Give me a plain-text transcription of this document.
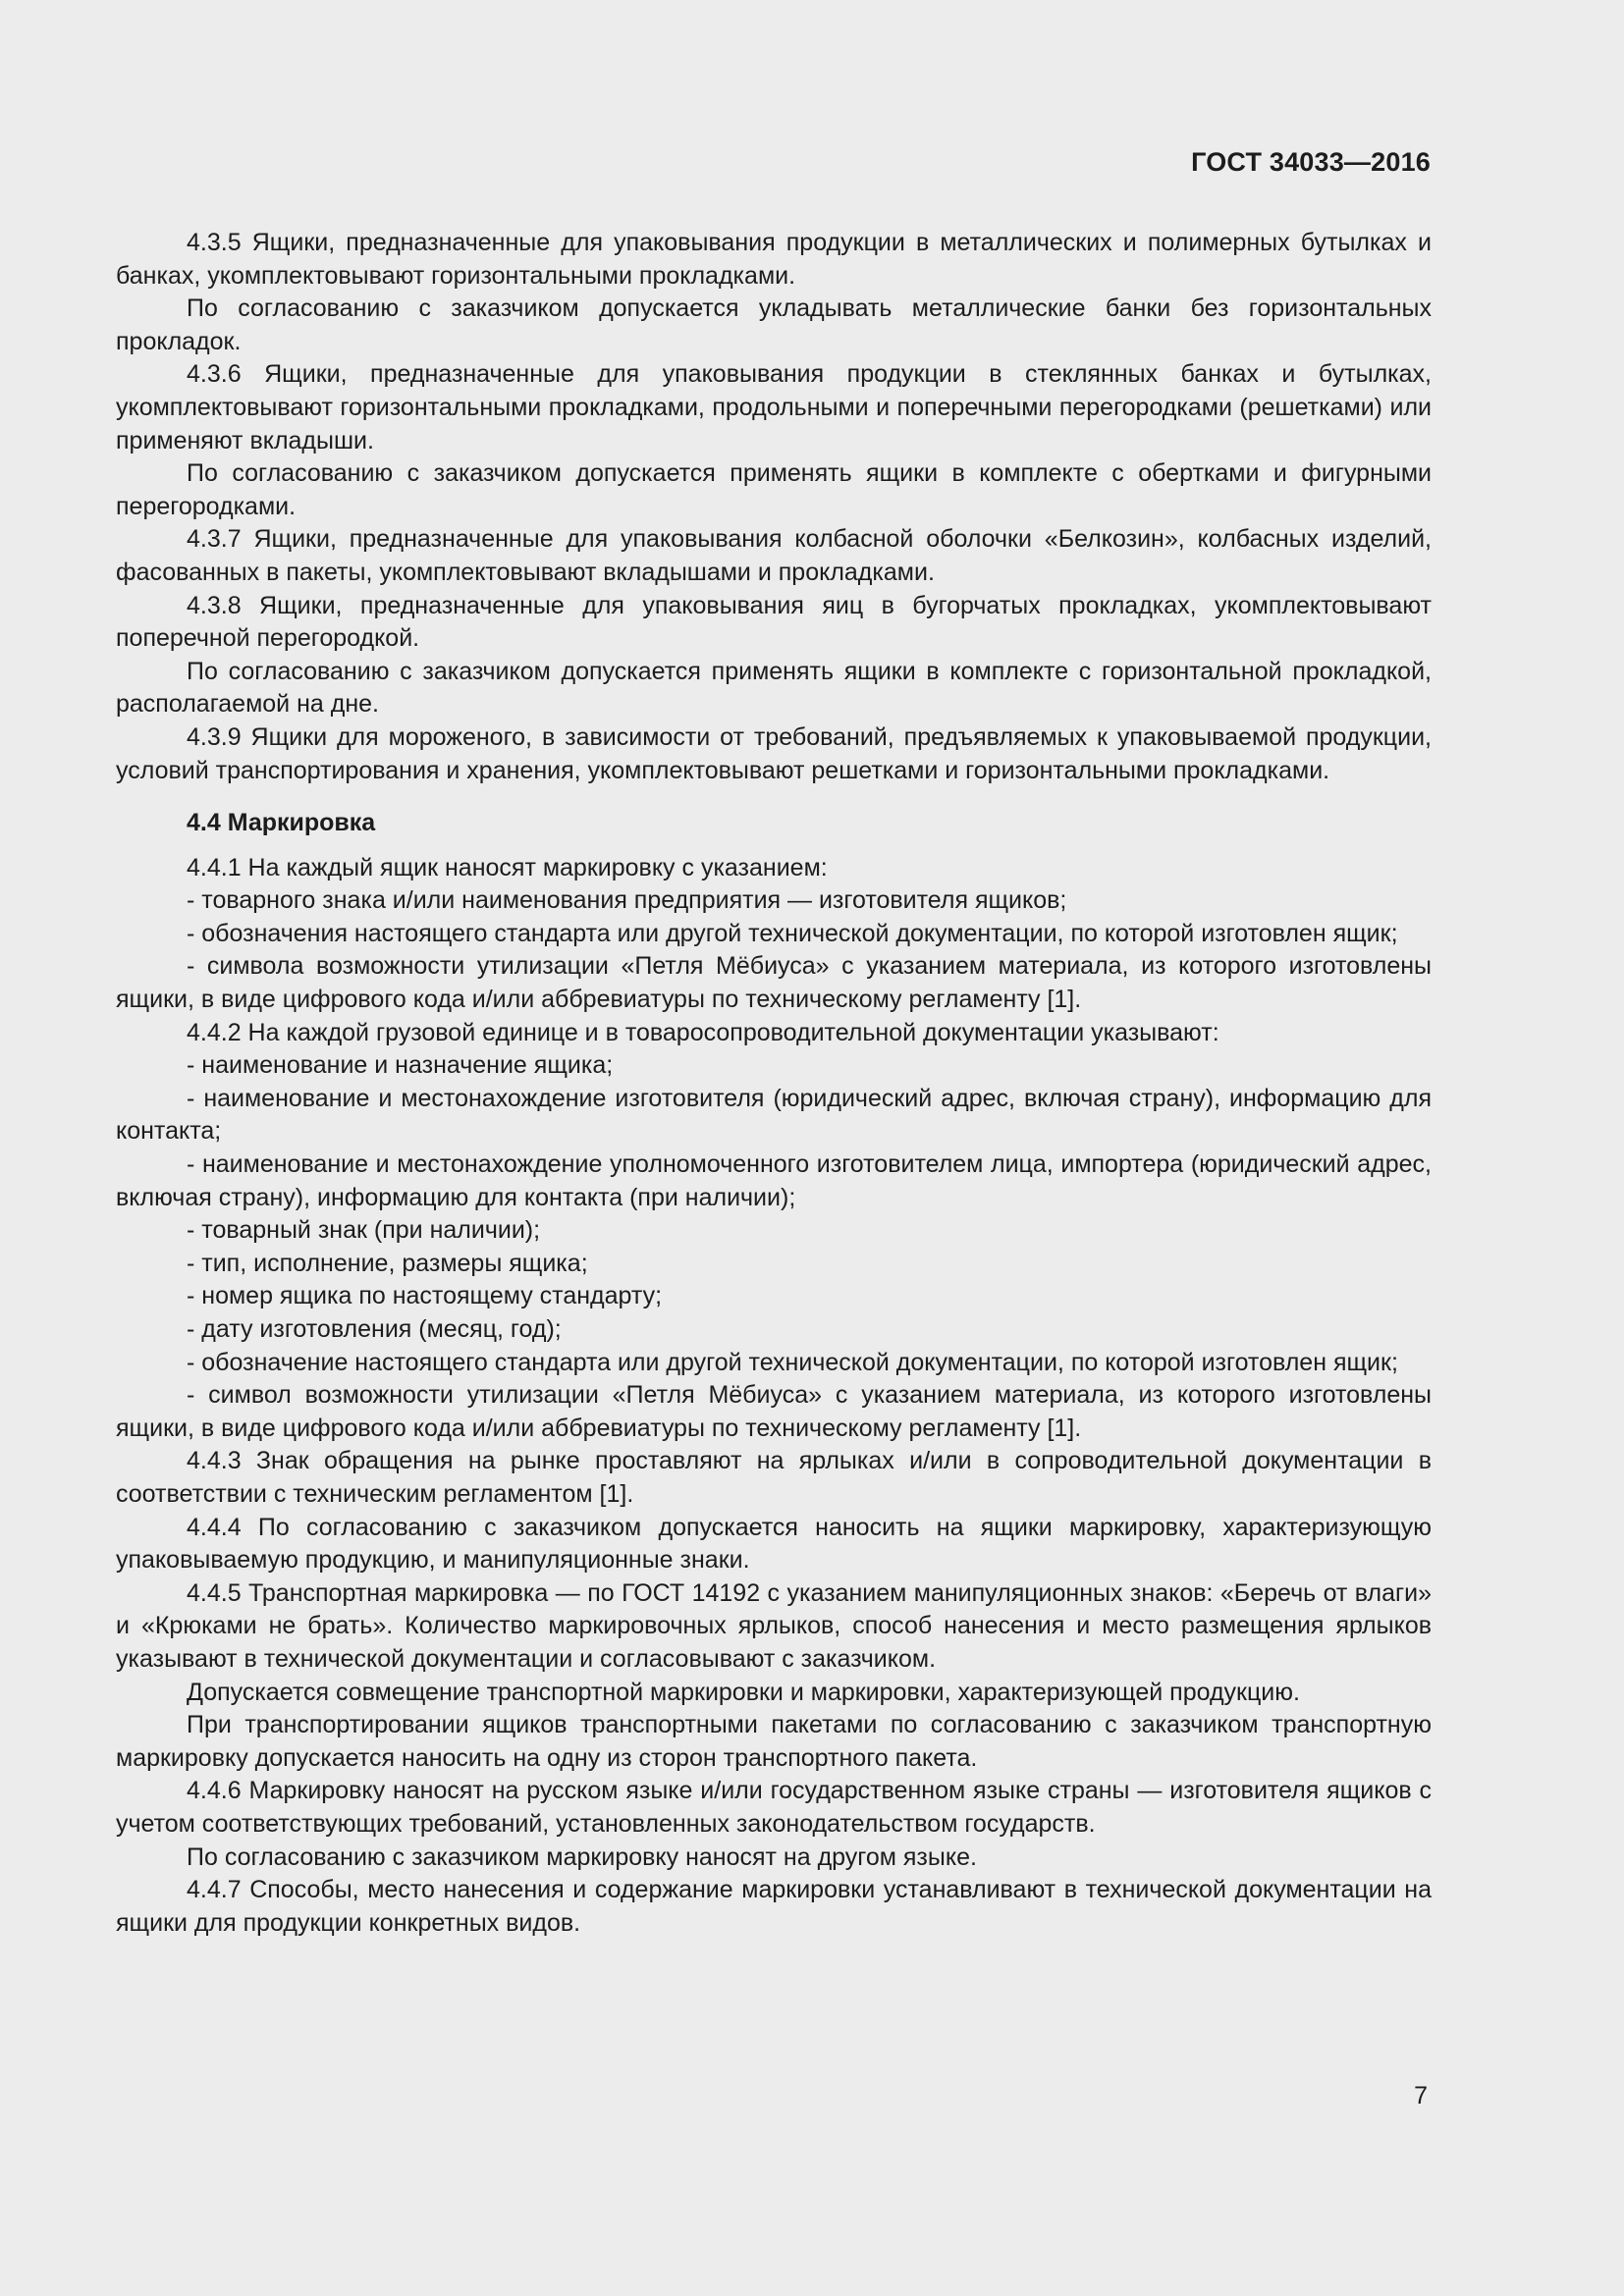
ГОСТ 34033—2016

4.3.5 Ящики, предназначенные для упаковывания продукции в металлических и полимерных бутылках и банках, укомплектовывают горизонтальными прокладками.

По согласованию с заказчиком допускается укладывать металлические банки без горизонтальных прокладок.

4.3.6 Ящики, предназначенные для упаковывания продукции в стеклянных банках и бутылках, укомплектовывают горизонтальными прокладками, продольными и поперечными перегородками (решетками) или применяют вкладыши.

По согласованию с заказчиком допускается применять ящики в комплекте с обертками и фигурными перегородками.

4.3.7 Ящики, предназначенные для упаковывания колбасной оболочки «Белкозин», колбасных изделий, фасованных в пакеты, укомплектовывают вкладышами и прокладками.

4.3.8 Ящики, предназначенные для упаковывания яиц в бугорчатых прокладках, укомплектовывают поперечной перегородкой.

По согласованию с заказчиком допускается применять ящики в комплекте с горизонтальной прокладкой, располагаемой на дне.

4.3.9 Ящики для мороженого, в зависимости от требований, предъявляемых к упаковываемой продукции, условий транспортирования и хранения, укомплектовывают решетками и горизонтальными прокладками.

4.4 Маркировка

4.4.1 На каждый ящик наносят маркировку с указанием:

- товарного знака и/или наименования предприятия — изготовителя ящиков;

- обозначения настоящего стандарта или другой технической документации, по которой изготовлен ящик;

- символа возможности утилизации «Петля Мёбиуса» с указанием материала, из которого изготовлены ящики, в виде цифрового кода и/или аббревиатуры по техническому регламенту [1].

4.4.2 На каждой грузовой единице и в товаросопроводительной документации указывают:

- наименование и назначение ящика;

- наименование и местонахождение изготовителя (юридический адрес, включая страну), информацию для контакта;

- наименование и местонахождение уполномоченного изготовителем лица, импортера (юридический адрес, включая страну), информацию для контакта (при наличии);

- товарный знак (при наличии);

- тип, исполнение, размеры ящика;

- номер ящика по настоящему стандарту;

- дату изготовления (месяц, год);

- обозначение настоящего стандарта или другой технической документации, по которой изготовлен ящик;

- символ возможности утилизации «Петля Мёбиуса» с указанием материала, из которого изготовлены ящики, в виде цифрового кода и/или аббревиатуры по техническому регламенту [1].

4.4.3 Знак обращения на рынке проставляют на ярлыках и/или в сопроводительной документации в соответствии с техническим регламентом [1].

4.4.4 По согласованию с заказчиком допускается наносить на ящики маркировку, характеризующую упаковываемую продукцию, и манипуляционные знаки.

4.4.5 Транспортная маркировка — по ГОСТ 14192 с указанием манипуляционных знаков: «Беречь от влаги» и «Крюками не брать». Количество маркировочных ярлыков, способ нанесения и место размещения ярлыков указывают в технической документации и согласовывают с заказчиком.

Допускается совмещение транспортной маркировки и маркировки, характеризующей продукцию.

При транспортировании ящиков транспортными пакетами по согласованию с заказчиком транспортную маркировку допускается наносить на одну из сторон транспортного пакета.

4.4.6 Маркировку наносят на русском языке и/или государственном языке страны — изготовителя ящиков с учетом соответствующих требований, установленных законодательством государств.

По согласованию с заказчиком маркировку наносят на другом языке.

4.4.7 Способы, место нанесения и содержание маркировки устанавливают в технической документации на ящики для продукции конкретных видов.

7
